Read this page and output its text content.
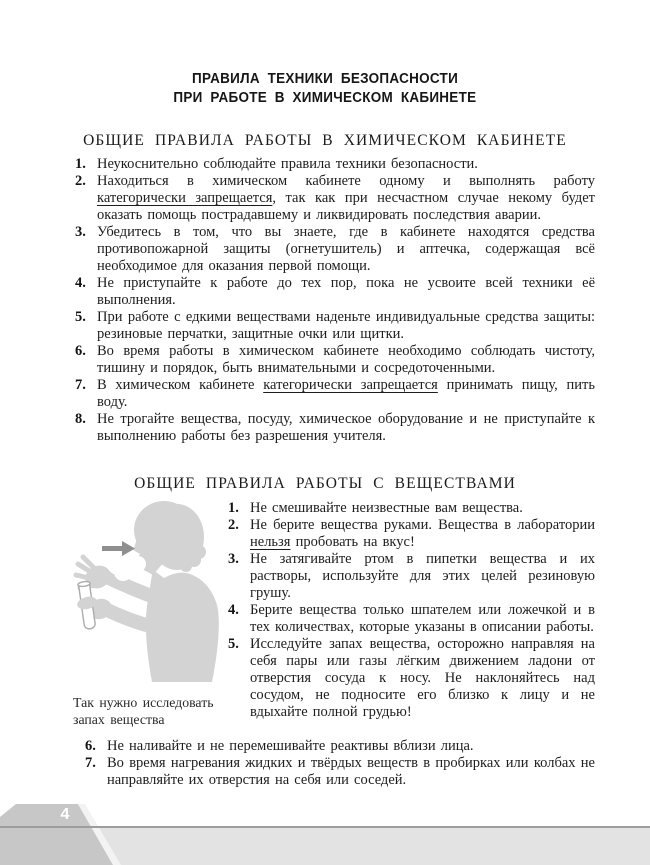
ПРАВИЛА ТЕХНИКИ БЕЗОПАСНОСТИ
ПРИ РАБОТЕ В ХИМИЧЕСКОМ КАБИНЕТЕ
ОБЩИЕ ПРАВИЛА РАБОТЫ В ХИМИЧЕСКОМ КАБИНЕТЕ
1. Неукоснительно соблюдайте правила техники безопасности.
2. Находиться в химическом кабинете одному и выполнять работу категорически запрещается, так как при несчастном случае некому будет оказать помощь пострадавшему и ликвидировать последствия аварии.
3. Убедитесь в том, что вы знаете, где в кабинете находятся средства противопожарной защиты (огнетушитель) и аптечка, содержащая всё необходимое для оказания первой помощи.
4. Не приступайте к работе до тех пор, пока не усвоите всей техники её выполнения.
5. При работе с едкими веществами наденьте индивидуальные средства защиты: резиновые перчатки, защитные очки или щитки.
6. Во время работы в химическом кабинете необходимо соблюдать чистоту, тишину и порядок, быть внимательными и сосредоточенными.
7. В химическом кабинете категорически запрещается принимать пищу, пить воду.
8. Не трогайте вещества, посуду, химическое оборудование и не приступайте к выполнению работы без разрешения учителя.
ОБЩИЕ ПРАВИЛА РАБОТЫ С ВЕЩЕСТВАМИ
Так нужно исследовать запах вещества
1. Не смешивайте неизвестные вам вещества.
2. Не берите вещества руками. Вещества в лаборатории нельзя пробовать на вкус!
3. Не затягивайте ртом в пипетки вещества и их растворы, используйте для этих целей резиновую грушу.
4. Берите вещества только шпателем или ложечкой и в тех количествах, которые указаны в описании работы.
5. Исследуйте запах вещества, осторожно направляя на себя пары или газы лёгким движением ладони от отверстия сосуда к носу. Не наклоняйтесь над сосудом, не подносите его близко к лицу и не вдыхайте полной грудью!
6. Не наливайте и не перемешивайте реактивы вблизи лица.
7. Во время нагревания жидких и твёрдых веществ в пробирках или колбах не направляйте их отверстия на себя или соседей.
4
